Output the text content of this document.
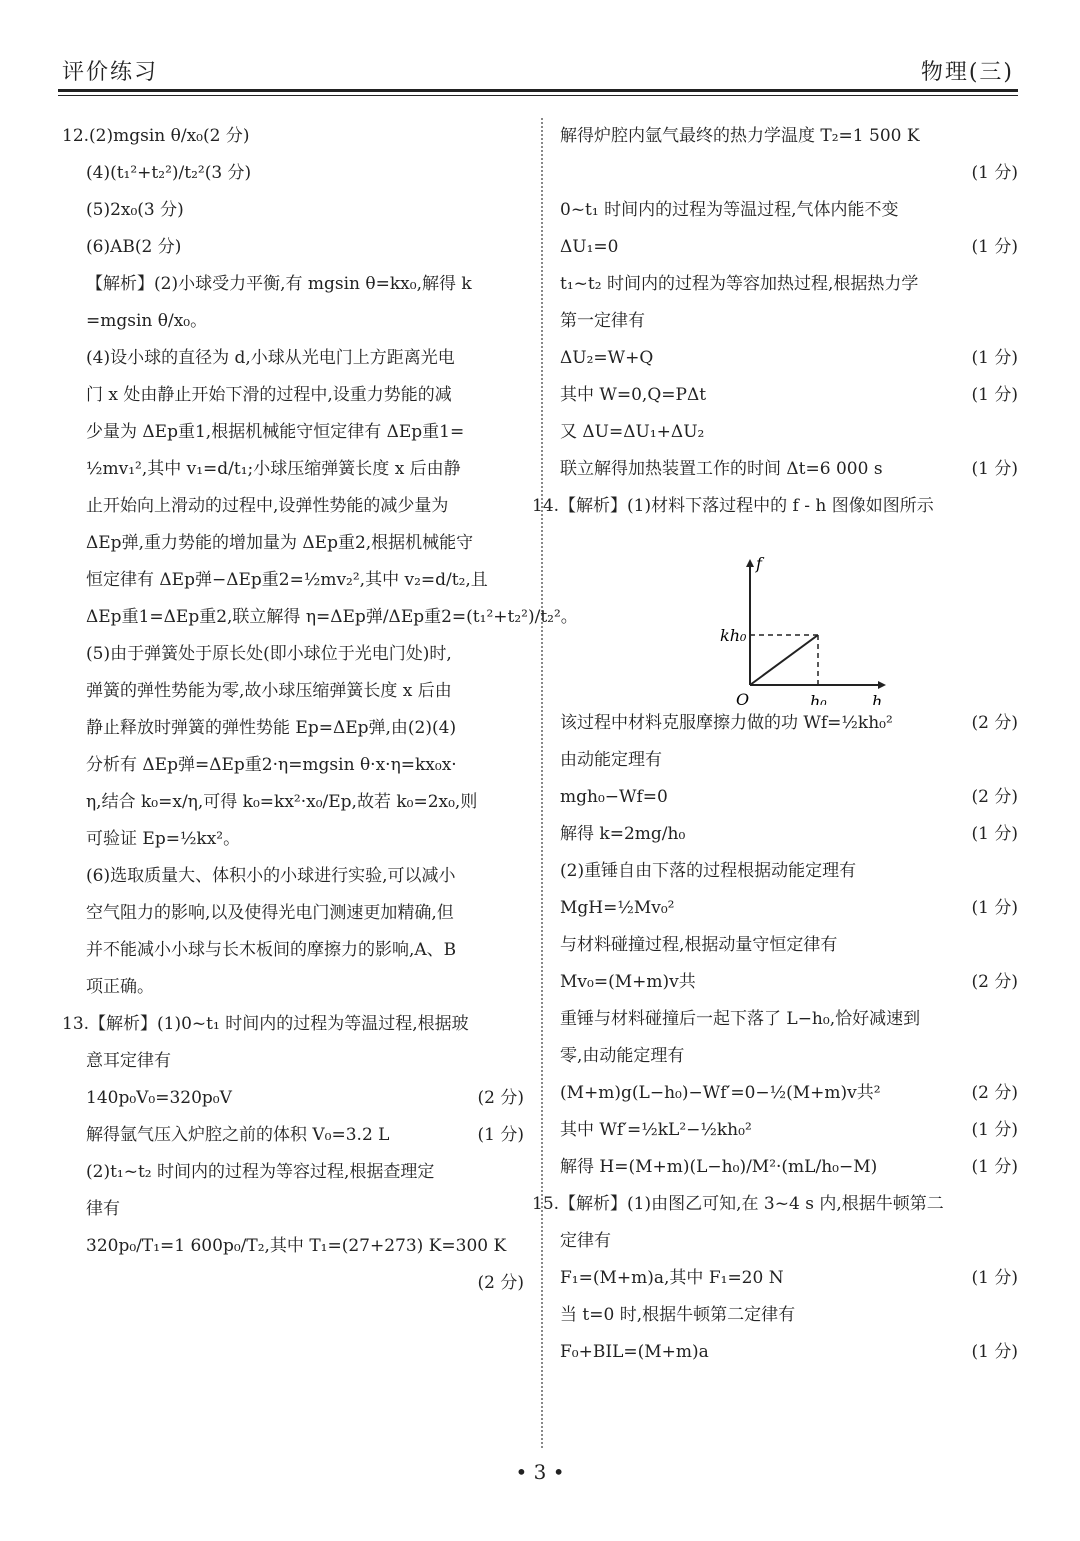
评价练习	物理(三)
12.(2)mgsin θ/x₀(2 分)
(4)(t₁²+t₂²)/t₂²(3 分)
(5)2x₀(3 分)
(6)AB(2 分)
【解析】(2)小球受力平衡,有 mgsin θ=kx₀,解得 k
=mgsin θ/x₀。
(4)设小球的直径为 d,小球从光电门上方距离光电
门 x 处由静止开始下滑的过程中,设重力势能的减
少量为 ΔEp重1,根据机械能守恒定律有 ΔEp重1=
½mv₁²,其中 v₁=d/t₁;小球压缩弹簧长度 x 后由静
止开始向上滑动的过程中,设弹性势能的减少量为
ΔEp弹,重力势能的增加量为 ΔEp重2,根据机械能守
恒定律有 ΔEp弹−ΔEp重2=½mv₂²,其中 v₂=d/t₂,且
ΔEp重1=ΔEp重2,联立解得 η=ΔEp弹/ΔEp重2=(t₁²+t₂²)/t₂²。
(5)由于弹簧处于原长处(即小球位于光电门处)时,
弹簧的弹性势能为零,故小球压缩弹簧长度 x 后由
静止释放时弹簧的弹性势能 Ep=ΔEp弹,由(2)(4)
分析有 ΔEp弹=ΔEp重2·η=mgsin θ·x·η=kx₀x·
η,结合 k₀=x/η,可得 k₀=kx²·x₀/Ep,故若 k₀=2x₀,则
可验证 Ep=½kx²。
(6)选取质量大、体积小的小球进行实验,可以减小
空气阻力的影响,以及使得光电门测速更加精确,但
并不能减小小球与长木板间的摩擦力的影响,A、B
项正确。
13.【解析】(1)0~t₁ 时间内的过程为等温过程,根据玻
意耳定律有
140p₀V₀=320p₀V	(2 分)
解得氩气压入炉腔之前的体积 V₀=3.2 L	(1 分)
(2)t₁~t₂ 时间内的过程为等容过程,根据查理定
律有
320p₀/T₁=1 600p₀/T₂,其中 T₁=(27+273) K=300 K
(2 分)
解得炉腔内氩气最终的热力学温度 T₂=1 500 K
(1 分)
0~t₁ 时间内的过程为等温过程,气体内能不变
ΔU₁=0	(1 分)
t₁~t₂ 时间内的过程为等容加热过程,根据热力学
第一定律有
ΔU₂=W+Q	(1 分)
其中 W=0,Q=PΔt	(1 分)
又 ΔU=ΔU₁+ΔU₂
联立解得加热装置工作的时间 Δt=6 000 s	(1 分)
14.【解析】(1)材料下落过程中的 f - h 图像如图所示
f
h
O
kh₀
h₀
该过程中材料克服摩擦力做的功 Wf=½kh₀²	(2 分)
由动能定理有
mgh₀−Wf=0	(2 分)
解得 k=2mg/h₀	(1 分)
(2)重锤自由下落的过程根据动能定理有
MgH=½Mv₀²	(1 分)
与材料碰撞过程,根据动量守恒定律有
Mv₀=(M+m)v共	(2 分)
重锤与材料碰撞后一起下落了 L−h₀,恰好减速到
零,由动能定理有
(M+m)g(L−h₀)−Wf′=0−½(M+m)v共²	(2 分)
其中 Wf′=½kL²−½kh₀²	(1 分)
解得 H=(M+m)(L−h₀)/M²·(mL/h₀−M)	(1 分)
15.【解析】(1)由图乙可知,在 3~4 s 内,根据牛顿第二
定律有
F₁=(M+m)a,其中 F₁=20 N	(1 分)
当 t=0 时,根据牛顿第二定律有
F₀+BIL=(M+m)a	(1 分)
• 3 •
